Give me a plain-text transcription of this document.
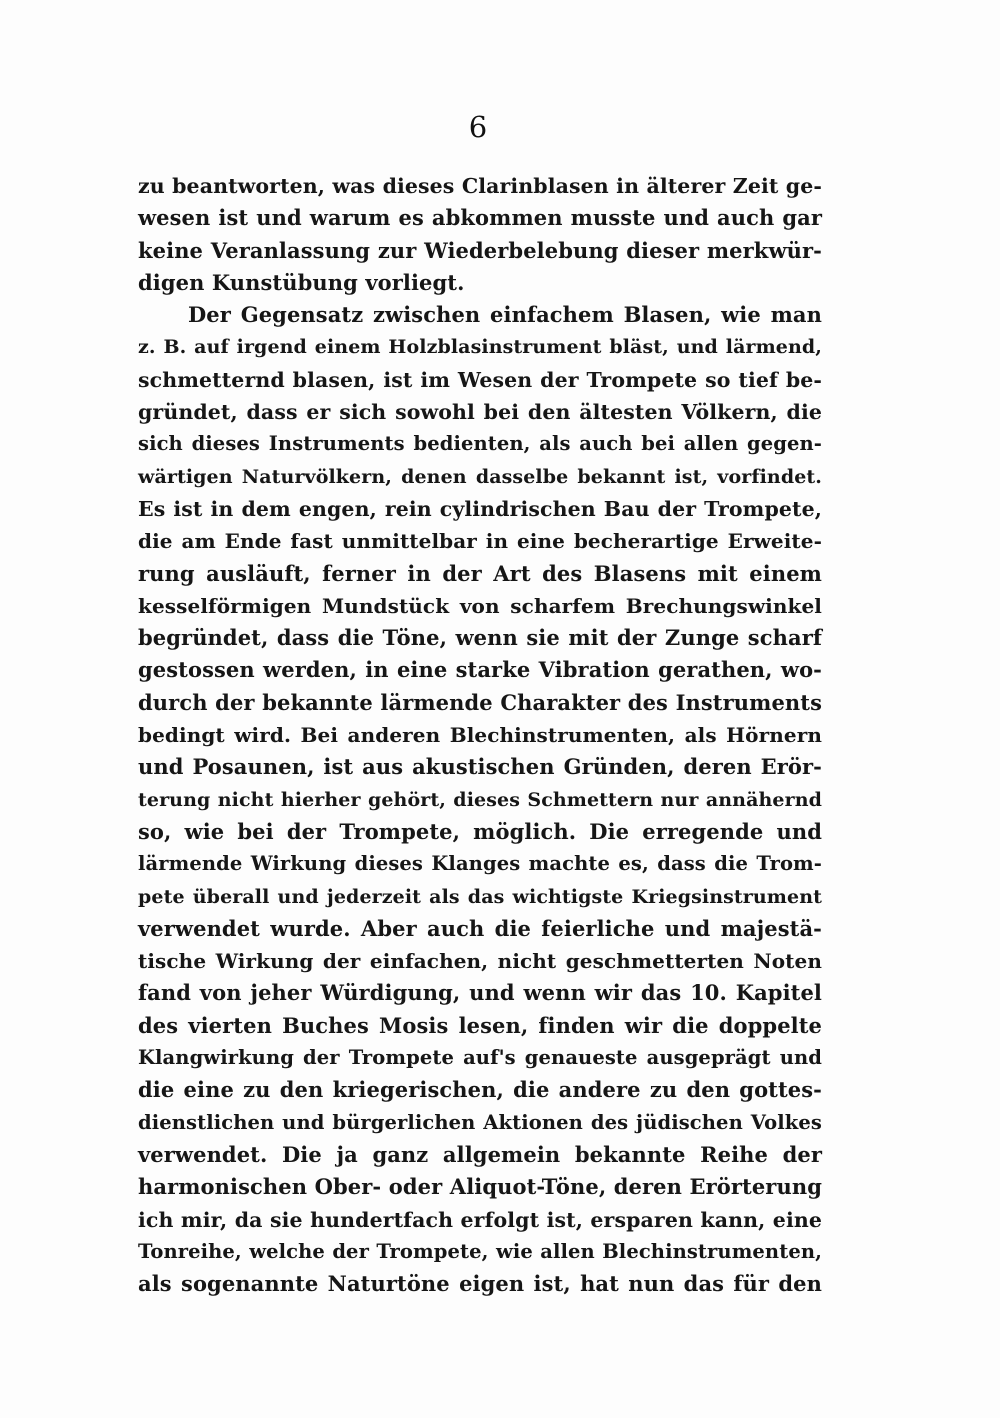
6
zu beantworten, was dieses Clarinblasen in älterer Zeit ge-
wesen ist und warum es abkommen musste und auch gar
keine Veranlassung zur Wiederbelebung dieser merkwür-
digen Kunstübung vorliegt.
Der Gegensatz zwischen einfachem Blasen, wie man
z. B. auf irgend einem Holzblasinstrument bläst, und lärmend,
schmetternd blasen, ist im Wesen der Trompete so tief be-
gründet, dass er sich sowohl bei den ältesten Völkern, die
sich dieses Instruments bedienten, als auch bei allen gegen-
wärtigen Naturvölkern, denen dasselbe bekannt ist, vorfindet.
Es ist in dem engen, rein cylindrischen Bau der Trompete,
die am Ende fast unmittelbar in eine becherartige Erweite-
rung ausläuft, ferner in der Art des Blasens mit einem
kesselförmigen Mundstück von scharfem Brechungswinkel
begründet, dass die Töne, wenn sie mit der Zunge scharf
gestossen werden, in eine starke Vibration gerathen, wo-
durch der bekannte lärmende Charakter des Instruments
bedingt wird. Bei anderen Blechinstrumenten, als Hörnern
und Posaunen, ist aus akustischen Gründen, deren Erör-
terung nicht hierher gehört, dieses Schmettern nur annähernd
so, wie bei der Trompete, möglich. Die erregende und
lärmende Wirkung dieses Klanges machte es, dass die Trom-
pete überall und jederzeit als das wichtigste Kriegsinstrument
verwendet wurde. Aber auch die feierliche und majestä-
tische Wirkung der einfachen, nicht geschmetterten Noten
fand von jeher Würdigung, und wenn wir das 10. Kapitel
des vierten Buches Mosis lesen, finden wir die doppelte
Klangwirkung der Trompete auf's genaueste ausgeprägt und
die eine zu den kriegerischen, die andere zu den gottes-
dienstlichen und bürgerlichen Aktionen des jüdischen Volkes
verwendet. Die ja ganz allgemein bekannte Reihe der
harmonischen Ober- oder Aliquot-Töne, deren Erörterung
ich mir, da sie hundertfach erfolgt ist, ersparen kann, eine
Tonreihe, welche der Trompete, wie allen Blechinstrumenten,
als sogenannte Naturtöne eigen ist, hat nun das für den
